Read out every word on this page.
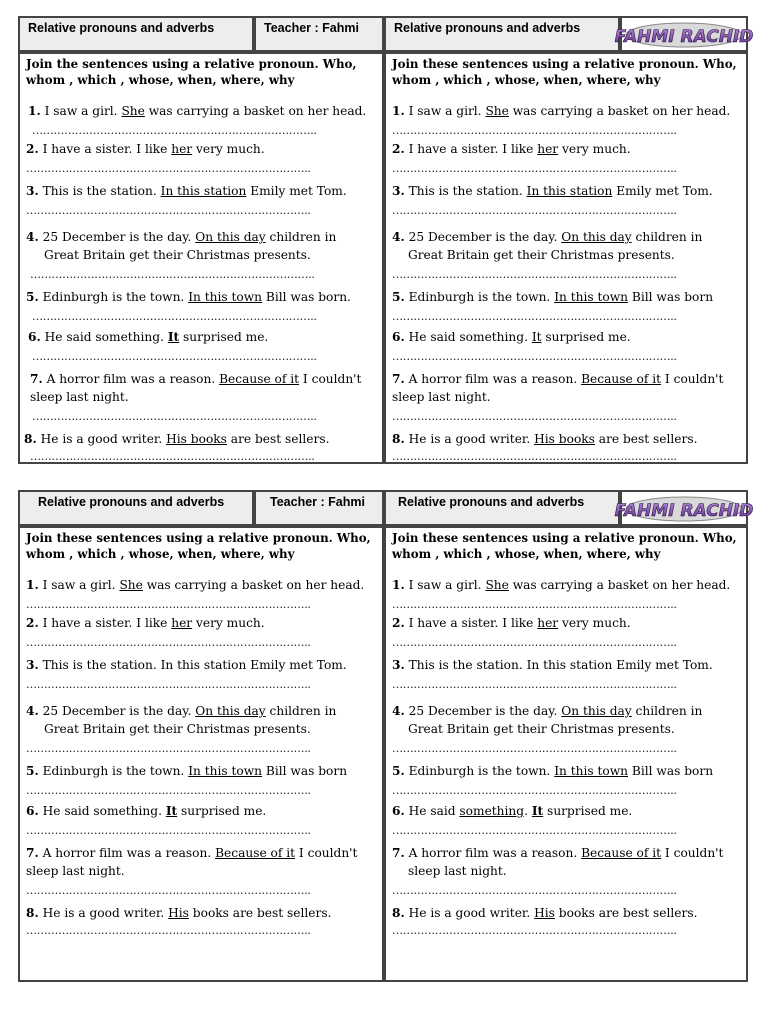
Relative pronouns and adverbs	Teacher : Fahmi
Join the sentences using a relative pronoun. Who, whom , which , whose, when, where, why
1. I saw a girl. She was carrying a basket on her head.
……………………………………………………………………..
2. I have a sister. I like her very much.
……………………………………………………………………..
3. This is the station. In this station Emily met Tom.
……………………………………………………………………..
4. 25 December is the day. On this day children in
Great Britain get their Christmas presents.
……………………………………………………………………..
5. Edinburgh is the town. In this town Bill was born.
……………………………………………………………………..
6. He said something. It surprised me.
……………………………………………………………………..
7. A horror film was a reason. Because of it I couldn't
sleep last night.
……………………………………………………………………..
8. He is a good writer. His books are best sellers.
……………………………………………………………………..
Relative pronouns and adverbs	FAHMI RACHID
Join these sentences using a relative pronoun. Who, whom , which , whose, when, where, why
1. I saw a girl. She was carrying a basket on her head.
……………………………………………………………………..
2. I have a sister. I like her very much.
……………………………………………………………………..
3. This is the station. In this station Emily met Tom.
……………………………………………………………………..
4. 25 December is the day. On this day children in
Great Britain get their Christmas presents.
……………………………………………………………………..
5. Edinburgh is the town. In this town Bill was born
……………………………………………………………………..
6. He said something. It surprised me.
……………………………………………………………………..
7. A horror film was a reason. Because of it I couldn't
sleep last night.
……………………………………………………………………..
8. He is a good writer. His books are best sellers.
……………………………………………………………………..
Relative pronouns and adverbs	Teacher : Fahmi
Join these sentences using a relative pronoun. Who, whom , which , whose, when, where, why
1. I saw a girl. She was carrying a basket on her head.
……………………………………………………………………..
2. I have a sister. I like her very much.
……………………………………………………………………..
3. This is the station. In this station Emily met Tom.
……………………………………………………………………..
4. 25 December is the day. On this day children in
Great Britain get their Christmas presents.
……………………………………………………………………..
5. Edinburgh is the town. In this town Bill was born
……………………………………………………………………..
6. He said something. It surprised me.
……………………………………………………………………..
7. A horror film was a reason. Because of it I couldn't
sleep last night.
……………………………………………………………………..
8. He is a good writer. His books are best sellers.
……………………………………………………………………..
Relative pronouns and adverbs	FAHMI RACHID
Join these sentences using a relative pronoun. Who, whom , which , whose, when, where, why
1. I saw a girl. She was carrying a basket on her head.
……………………………………………………………………..
2. I have a sister. I like her very much.
……………………………………………………………………..
3. This is the station. In this station Emily met Tom.
……………………………………………………………………..
4. 25 December is the day. On this day children in
Great Britain get their Christmas presents.
……………………………………………………………………..
5. Edinburgh is the town. In this town Bill was born
……………………………………………………………………..
6. He said something. It surprised me.
……………………………………………………………………..
7. A horror film was a reason. Because of it I couldn't
sleep last night.
……………………………………………………………………..
8. He is a good writer. His books are best sellers.
……………………………………………………………………..
